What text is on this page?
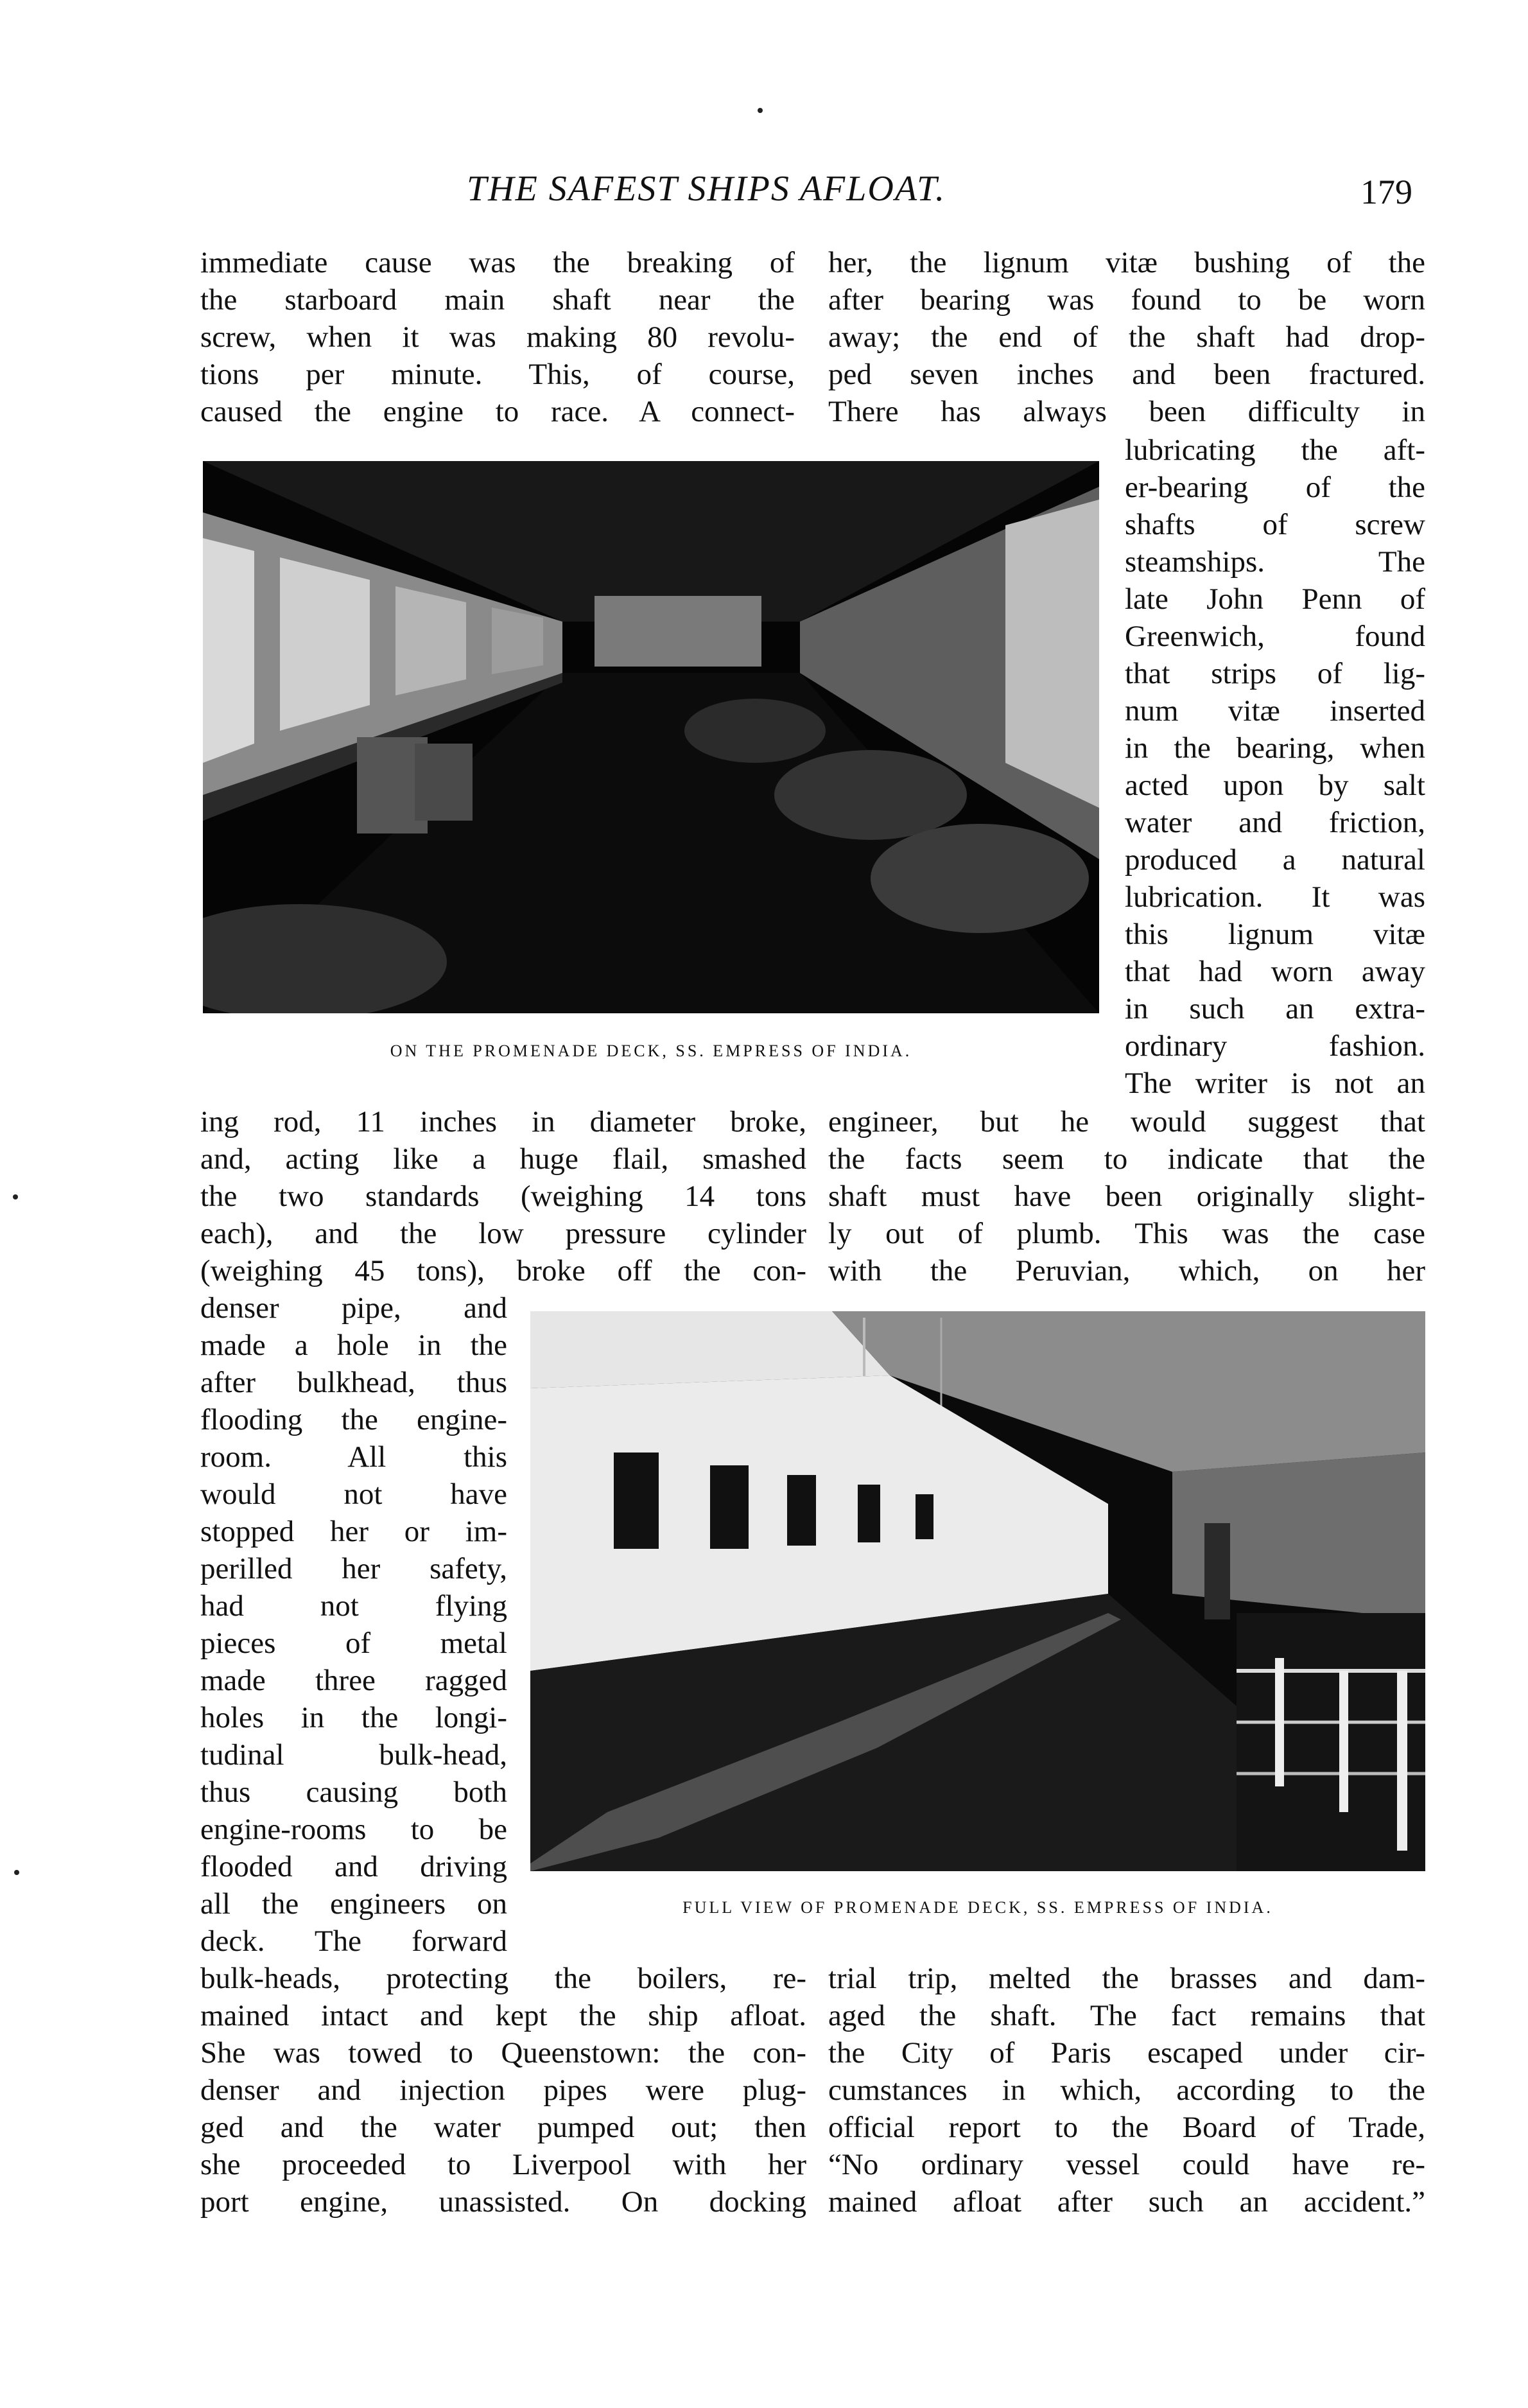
THE SAFEST SHIPS AFLOAT.	179
immediate cause was the breaking of
the starboard main shaft near the
screw, when it was making 80 revolu-
tions per minute. This, of course,
caused the engine to race. A connect-
her, the lignum vitæ bushing of the
after bearing was found to be worn
away; the end of the shaft had drop-
ped seven inches and been fractured.
There has always been difficulty in
ON THE PROMENADE DECK, SS. EMPRESS OF INDIA.
lubricating the aft-
er-bearing of the
shafts of screw
steamships. The
late John Penn of
Greenwich, found
that strips of lig-
num vitæ inserted
in the bearing, when
acted upon by salt
water and friction,
produced a natural
lubrication. It was
this lignum vitæ
that had worn away
in such an extra-
ordinary fashion.
The writer is not an
ing rod, 11 inches in diameter broke,
and, acting like a huge flail, smashed
the two standards (weighing 14 tons
each), and the low pressure cylinder
(weighing 45 tons), broke off the con-
engineer, but he would suggest that
the facts seem to indicate that the
shaft must have been originally slight-
ly out of plumb. This was the case
with the Peruvian, which, on her
denser pipe, and
made a hole in the
after bulkhead, thus
flooding the engine-
room. All this
would not have
stopped her or im-
perilled her safety,
had not flying
pieces of metal
made three ragged
holes in the longi-
tudinal bulk-head,
thus causing both
engine-rooms to be
flooded and driving
all the engineers on
deck. The forward
FULL VIEW OF PROMENADE DECK, SS. EMPRESS OF INDIA.
bulk-heads, protecting the boilers, re-
mained intact and kept the ship afloat.
She was towed to Queenstown: the con-
denser and injection pipes were plug-
ged and the water pumped out; then
she proceeded to Liverpool with her
port engine, unassisted. On docking
trial trip, melted the brasses and dam-
aged the shaft. The fact remains that
the City of Paris escaped under cir-
cumstances in which, according to the
official report to the Board of Trade,
“No ordinary vessel could have re-
mained afloat after such an accident.”
